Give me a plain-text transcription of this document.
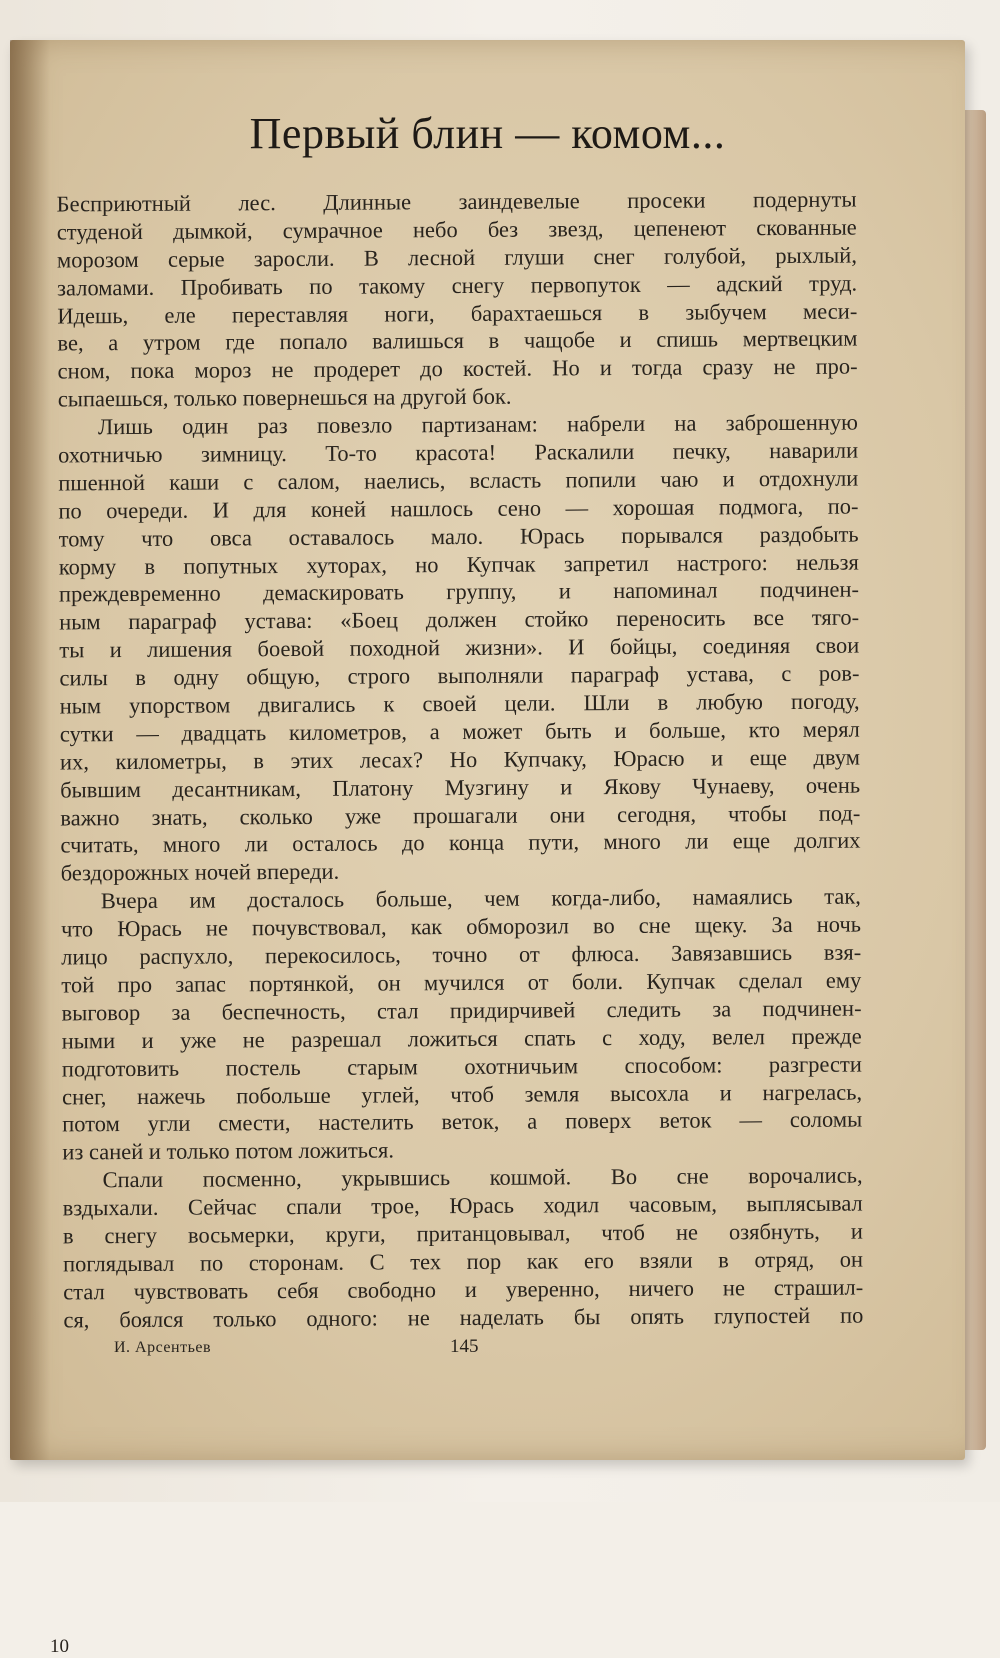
Первый блин — комом...
Бесприютный лес. Длинные заиндевелые просеки подернуты
студеной дымкой, сумрачное небо без звезд, цепенеют скованные
морозом серые заросли. В лесной глуши снег голубой, рыхлый,
заломами. Пробивать по такому снегу первопуток — адский труд.
Идешь, еле переставляя ноги, барахтаешься в зыбучем меси-
ве, а утром где попало валишься в чащобе и спишь мертвецким
сном, пока мороз не продерет до костей. Но и тогда сразу не про-
сыпаешься, только повернешься на другой бок.
Лишь один раз повезло партизанам: набрели на заброшенную
охотничью зимницу. То-то красота! Раскалили печку, наварили
пшенной каши с салом, наелись, всласть попили чаю и отдохнули
по очереди. И для коней нашлось сено — хорошая подмога, по-
тому что овса оставалось мало. Юрась порывался раздобыть
корму в попутных хуторах, но Купчак запретил настрого: нельзя
преждевременно демаскировать группу, и напоминал подчинен-
ным параграф устава: «Боец должен стойко переносить все тяго-
ты и лишения боевой походной жизни». И бойцы, соединяя свои
силы в одну общую, строго выполняли параграф устава, с ров-
ным упорством двигались к своей цели. Шли в любую погоду,
сутки — двадцать километров, а может быть и больше, кто мерял
их, километры, в этих лесах? Но Купчаку, Юрасю и еще двум
бывшим десантникам, Платону Музгину и Якову Чунаеву, очень
важно знать, сколько уже прошагали они сегодня, чтобы под-
считать, много ли осталось до конца пути, много ли еще долгих
бездорожных ночей впереди.
Вчера им досталось больше, чем когда-либо, намаялись так,
что Юрась не почувствовал, как обморозил во сне щеку. За ночь
лицо распухло, перекосилось, точно от флюса. Завязавшись взя-
той про запас портянкой, он мучился от боли. Купчак сделал ему
выговор за беспечность, стал придирчивей следить за подчинен-
ными и уже не разрешал ложиться спать с ходу, велел прежде
подготовить постель старым охотничьим способом: разгрести
снег, нажечь побольше углей, чтоб земля высохла и нагрелась,
потом угли смести, настелить веток, а поверх веток — соломы
из саней и только потом ложиться.
Спали посменно, укрывшись кошмой. Во сне ворочались,
вздыхали. Сейчас спали трое, Юрась ходил часовым, выплясывал
в снегу восьмерки, круги, пританцовывал, чтоб не озябнуть, и
поглядывал по сторонам. С тех пор как его взяли в отряд, он
стал чувствовать себя свободно и уверенно, ничего не страшил-
ся, боялся только одного: не наделать бы опять глупостей по
10
И. Арсентьев	145
